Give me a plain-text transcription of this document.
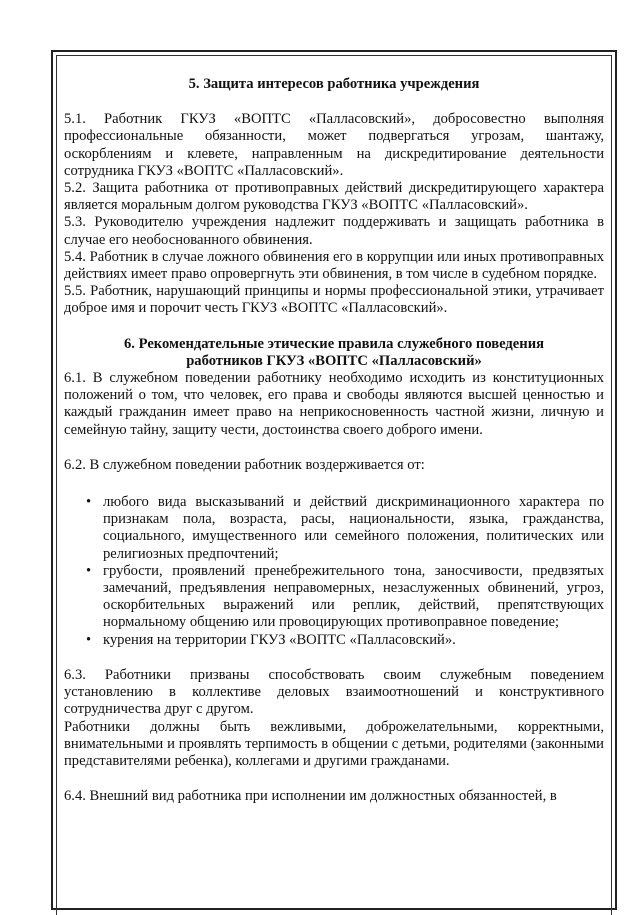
5. Защита интересов работника учреждения

5.1. Работник ГКУЗ «ВОПТС «Палласовский», добросовестно выполняя профессиональные обязанности, может подвергаться угрозам, шантажу, оскорблениям и клевете, направленным на дискредитирование деятельности сотрудника ГКУЗ «ВОПТС «Палласовский».

5.2. Защита работника от противоправных действий дискредитирующего характера является моральным долгом руководства ГКУЗ «ВОПТС «Палласовский».

5.3. Руководителю учреждения надлежит поддерживать и защищать работника в случае его необоснованного обвинения.

5.4. Работник в случае ложного обвинения его в коррупции или иных противоправных действиях имеет право опровергнуть эти обвинения, в том числе в судебном порядке.

5.5. Работник, нарушающий принципы и нормы профессиональной этики, утрачивает доброе имя и порочит честь ГКУЗ «ВОПТС «Палласовский».

6. Рекомендательные этические правила служебного поведения
работников ГКУЗ «ВОПТС «Палласовский»

6.1. В служебном поведении работнику необходимо исходить из конституционных положений о том, что человек, его права и свободы являются высшей ценностью и каждый гражданин имеет право на неприкосновенность частной жизни, личную и семейную тайну, защиту чести, достоинства своего доброго имени.

6.2. В служебном поведении работник воздерживается от:

• любого вида высказываний и действий дискриминационного характера по признакам пола, возраста, расы, национальности, языка, гражданства, социального, имущественного или семейного положения, политических или религиозных предпочтений;
• грубости, проявлений пренебрежительного тона, заносчивости, предвзятых замечаний, предъявления неправомерных, незаслуженных обвинений, угроз, оскорбительных выражений или реплик, действий, препятствующих нормальному общению или провоцирующих противоправное поведение;
• курения на территории ГКУЗ «ВОПТС «Палласовский».

6.3. Работники призваны способствовать своим служебным поведением установлению в коллективе деловых взаимоотношений и конструктивного сотрудничества друг с другом.

Работники должны быть вежливыми, доброжелательными, корректными, внимательными и проявлять терпимость в общении с детьми, родителями (законными представителями ребенка), коллегами и другими гражданами.

6.4. Внешний вид работника при исполнении им должностных обязанностей, в
